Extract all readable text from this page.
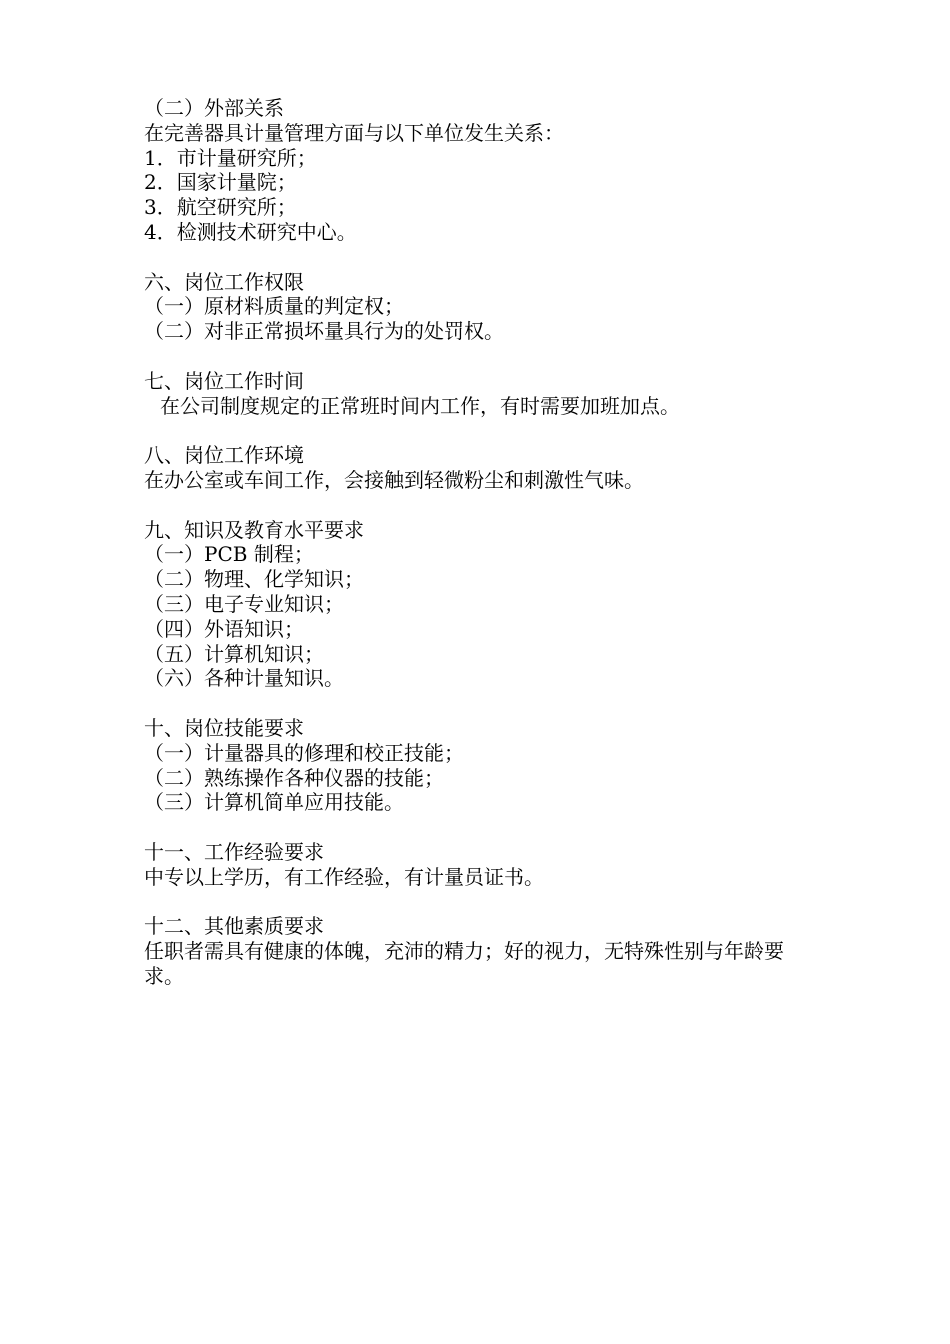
（二）外部关系
在完善器具计量管理方面与以下单位发生关系：
1．市计量研究所；
2．国家计量院；
3．航空研究所；
4．检测技术研究中心。
六、岗位工作权限
（一）原材料质量的判定权；
（二）对非正常损坏量具行为的处罚权。
七、岗位工作时间
在公司制度规定的正常班时间内工作，有时需要加班加点。
八、岗位工作环境
在办公室或车间工作，会接触到轻微粉尘和刺激性气味。
九、知识及教育水平要求
（一）PCB 制程；
（二）物理、化学知识；
（三）电子专业知识；
（四）外语知识；
（五）计算机知识；
（六）各种计量知识。
十、岗位技能要求
（一）计量器具的修理和校正技能；
（二）熟练操作各种仪器的技能；
（三）计算机简单应用技能。
十一、工作经验要求
中专以上学历，有工作经验，有计量员证书。
十二、其他素质要求
任职者需具有健康的体魄，充沛的精力；好的视力，无特殊性别与年龄要求。
